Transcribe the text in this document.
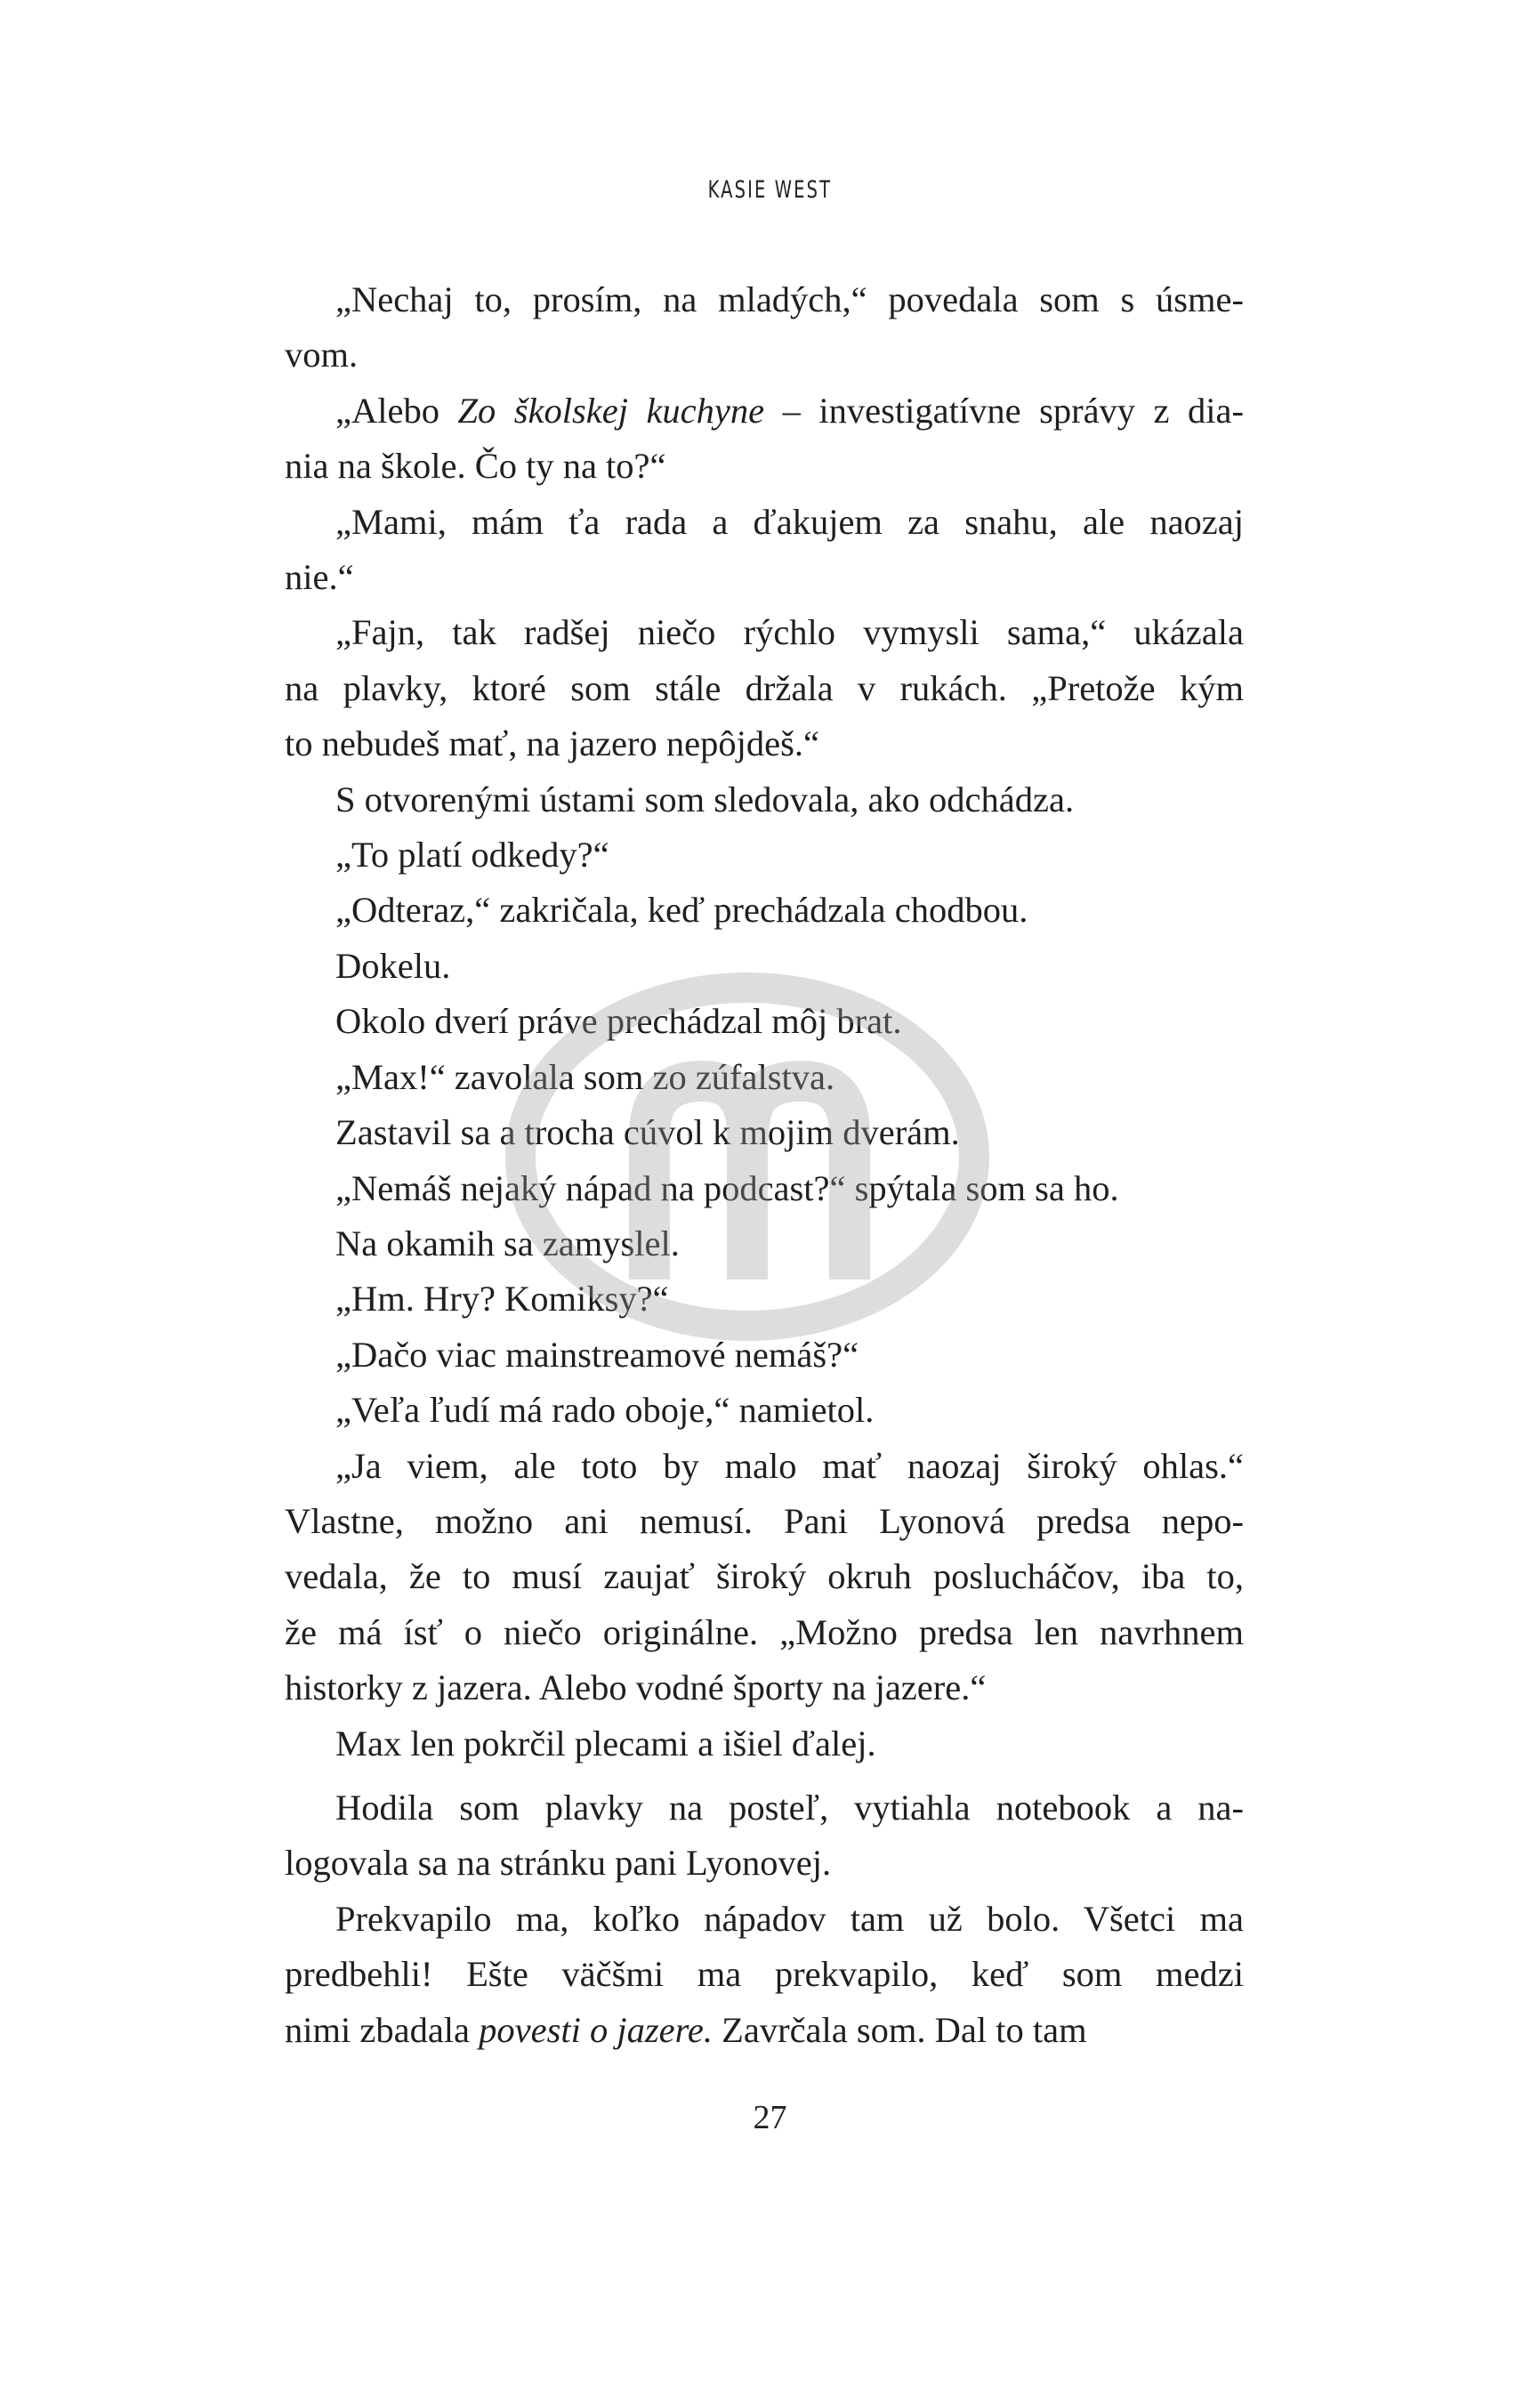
KASIE WEST
„Nechaj to, prosím, na mladých,“ povedala som s úsme-
vom.
„Alebo Zo školskej kuchyne – investigatívne správy z dia-
nia na škole. Čo ty na to?“
„Mami, mám ťa rada a ďakujem za snahu, ale naozaj
nie.“
„Fajn, tak radšej niečo rýchlo vymysli sama,“ ukázala
na plavky, ktoré som stále držala v rukách. „Pretože kým
to nebudeš mať, na jazero nepôjdeš.“
S otvorenými ústami som sledovala, ako odchádza.
„To platí odkedy?“
„Odteraz,“ zakričala, keď prechádzala chodbou.
Dokelu.
Okolo dverí práve prechádzal môj brat.
„Max!“ zavolala som zo zúfalstva.
Zastavil sa a trocha cúvol k mojim dverám.
„Nemáš nejaký nápad na podcast?“ spýtala som sa ho.
Na okamih sa zamyslel.
„Hm. Hry? Komiksy?“
„Dačo viac mainstreamové nemáš?“
„Veľa ľudí má rado oboje,“ namietol.
„Ja viem, ale toto by malo mať naozaj široký ohlas.“
Vlastne, možno ani nemusí. Pani Lyonová predsa nepo-
vedala, že to musí zaujať široký okruh poslucháčov, iba to,
že má ísť o niečo originálne. „Možno predsa len navrhnem
historky z jazera. Alebo vodné športy na jazere.“
Max len pokrčil plecami a išiel ďalej.
Hodila som plavky na posteľ, vytiahla notebook a na-
logovala sa na stránku pani Lyonovej.
Prekvapilo ma, koľko nápadov tam už bolo. Všetci ma
predbehli! Ešte väčšmi ma prekvapilo, keď som medzi
nimi zbadala povesti o jazere. Zavrčala som. Dal to tam
27
